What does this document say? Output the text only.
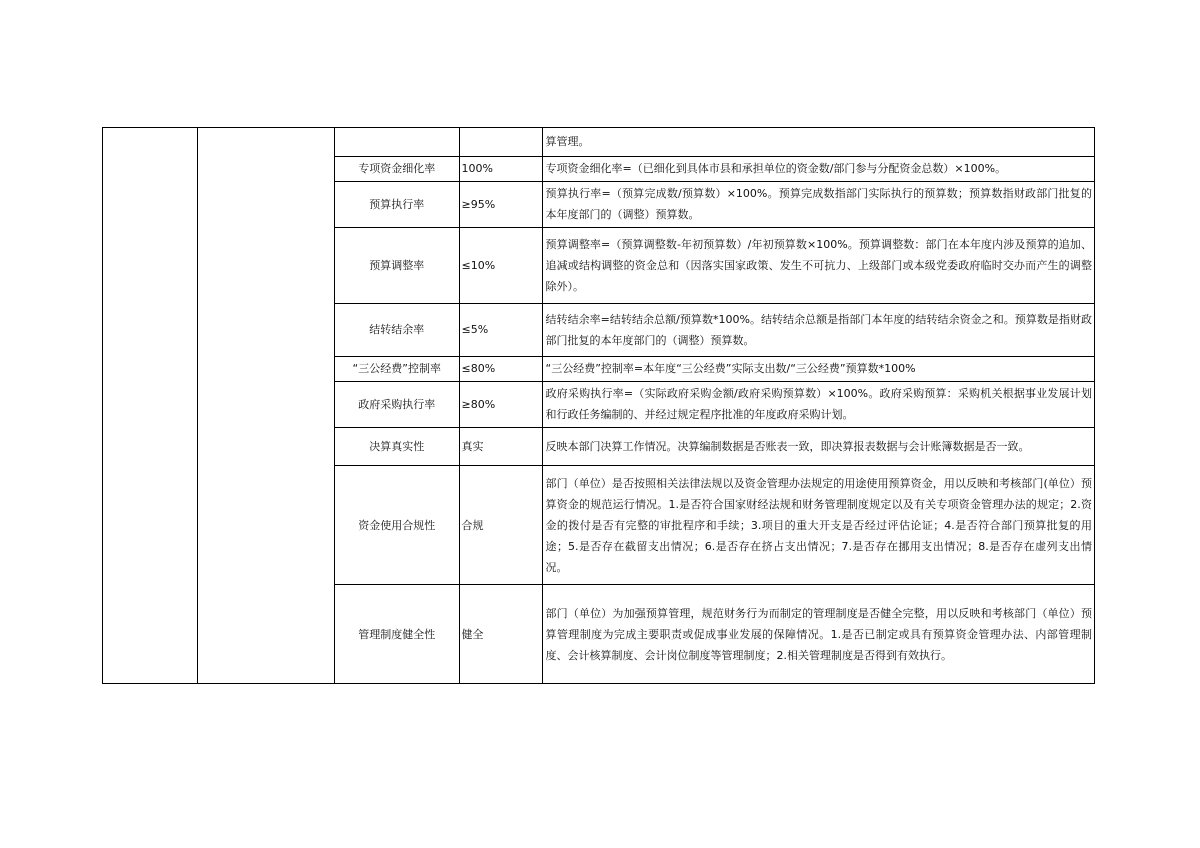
		算管理。
专项资金细化率	100%	专项资金细化率=（已细化到具体市县和承担单位的资金数/部门参与分配资金总数）×100%。
预算执行率	≥95%	预算执行率=（预算完成数/预算数）×100%。预算完成数指部门实际执行的预算数；预算数指财政部门批复的本年度部门的（调整）预算数。
预算调整率	≤10%	预算调整率=（预算调整数-年初预算数）/年初预算数×100%。预算调整数：部门在本年度内涉及预算的追加、追减或结构调整的资金总和（因落实国家政策、发生不可抗力、上级部门或本级党委政府临时交办而产生的调整除外）。
结转结余率	≤5%	结转结余率=结转结余总额/预算数*100%。结转结余总额是指部门本年度的结转结余资金之和。预算数是指财政部门批复的本年度部门的（调整）预算数。
“三公经费”控制率	≤80%	“三公经费”控制率=本年度“三公经费”实际支出数/“三公经费”预算数*100%
政府采购执行率	≥80%	政府采购执行率=（实际政府采购金额/政府采购预算数）×100%。政府采购预算：采购机关根据事业发展计划和行政任务编制的、并经过规定程序批准的年度政府采购计划。
决算真实性	真实	反映本部门决算工作情况。决算编制数据是否账表一致，即决算报表数据与会计账簿数据是否一致。
资金使用合规性	合规	部门（单位）是否按照相关法律法规以及资金管理办法规定的用途使用预算资金，用以反映和考核部门(单位）预算资金的规范运行情况。1.是否符合国家财经法规和财务管理制度规定以及有关专项资金管理办法的规定；2.资金的拨付是否有完整的审批程序和手续；3.项目的重大开支是否经过评估论证；4.是否符合部门预算批复的用途；5.是否存在截留支出情况；6.是否存在挤占支出情况；7.是否存在挪用支出情况；8.是否存在虚列支出情况。
管理制度健全性	健全	部门（单位）为加强预算管理，规范财务行为而制定的管理制度是否健全完整，用以反映和考核部门（单位）预算管理制度为完成主要职责或促成事业发展的保障情况。1.是否已制定或具有预算资金管理办法、内部管理制度、会计核算制度、会计岗位制度等管理制度；2.相关管理制度是否得到有效执行。
